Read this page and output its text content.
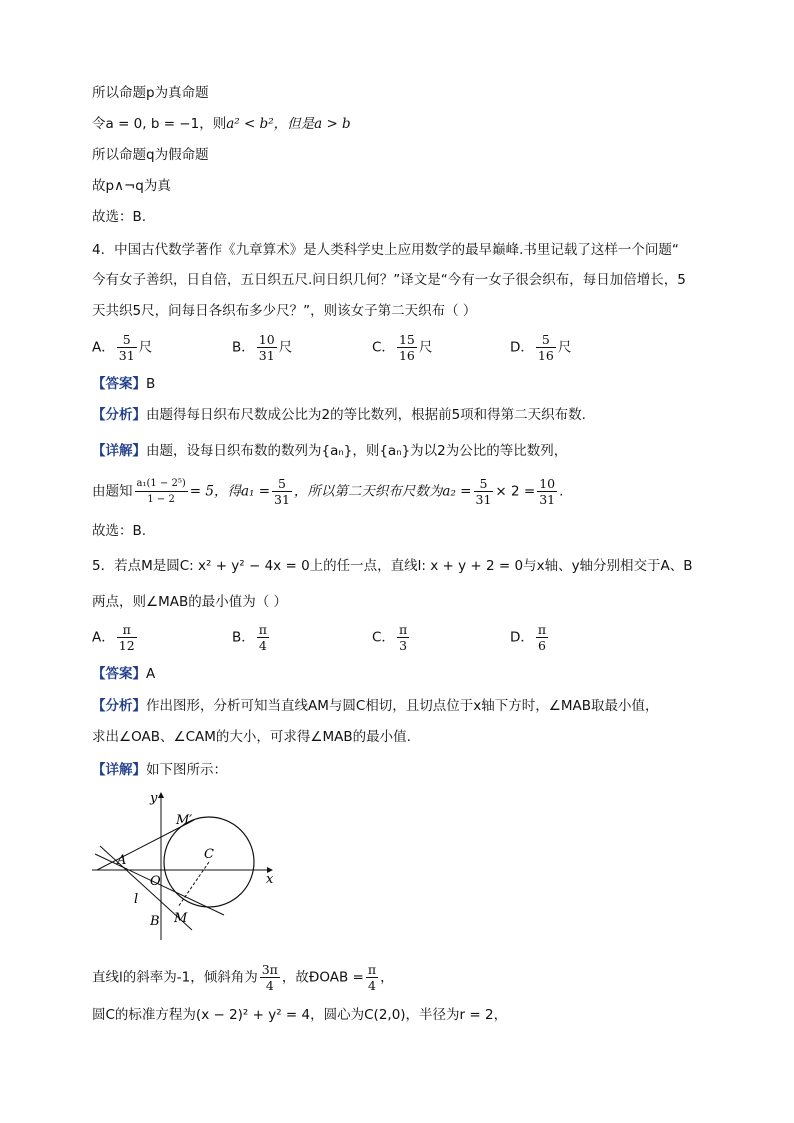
所以命题p为真命题
令a = 0, b = −1，则a² < b²，但是a > b
所以命题q为假命题
故p∧¬q为真
故选：B.
4．中国古代数学著作《九章算术》是人类科学史上应用数学的最早巅峰.书里记载了这样一个问题“
今有女子善织，日自倍，五日织五尺.问日织几何？”译文是“今有一女子很会织布，每日加倍增长，5
天共织5尺，问每日各织布多少尺？”，则该女子第二天织布（ ）
A． $\frac{5}{31}$ 尺	B． $\frac{10}{31}$ 尺	C． $\frac{15}{16}$ 尺	D． $\frac{5}{16}$ 尺
【答案】B
【分析】由题得每日织布尺数成公比为2的等比数列，根据前5项和得第二天织布数.
【详解】由题，设每日织布数的数列为{aₙ}，则{aₙ}为以2为公比的等比数列，
由题知 $\frac{\text{a₁(1 − 2⁵)}}{1 - 2} = 5$，得$a_1 = \frac{5}{31}$ ，所以第二天织布尺数为$a_2 = \frac{5}{31} \times 2 = \frac{10}{31}$ .
故选：B.
5．若点M是圆C: x² + y² − 4x = 0上的任一点，直线l: x + y + 2 = 0与x轴、y轴分别相交于A、B
两点，则∠MAB的最小值为（ ）
A． $\frac{\pi}{12}$	B． $\frac{\pi}{4}$	C． $\frac{\pi}{3}$	D． $\frac{\pi}{6}$
【答案】A
【分析】作出图形，分析可知当直线AM与圆C相切，且切点位于x轴下方时，∠MAB取最小值，
求出∠OAB、∠CAM的大小，可求得∠MAB的最小值.
【详解】如下图所示：
y
x
A
O
B
C
M
M′
l
直线l的斜率为-1，倾斜角为 $\frac{3\pi}{4}$ ，故ÐOAB = $\frac{\pi}{4}$ ，
圆C的标准方程为(x − 2)² + y² = 4，圆心为C(2,0)，半径为r = 2，
